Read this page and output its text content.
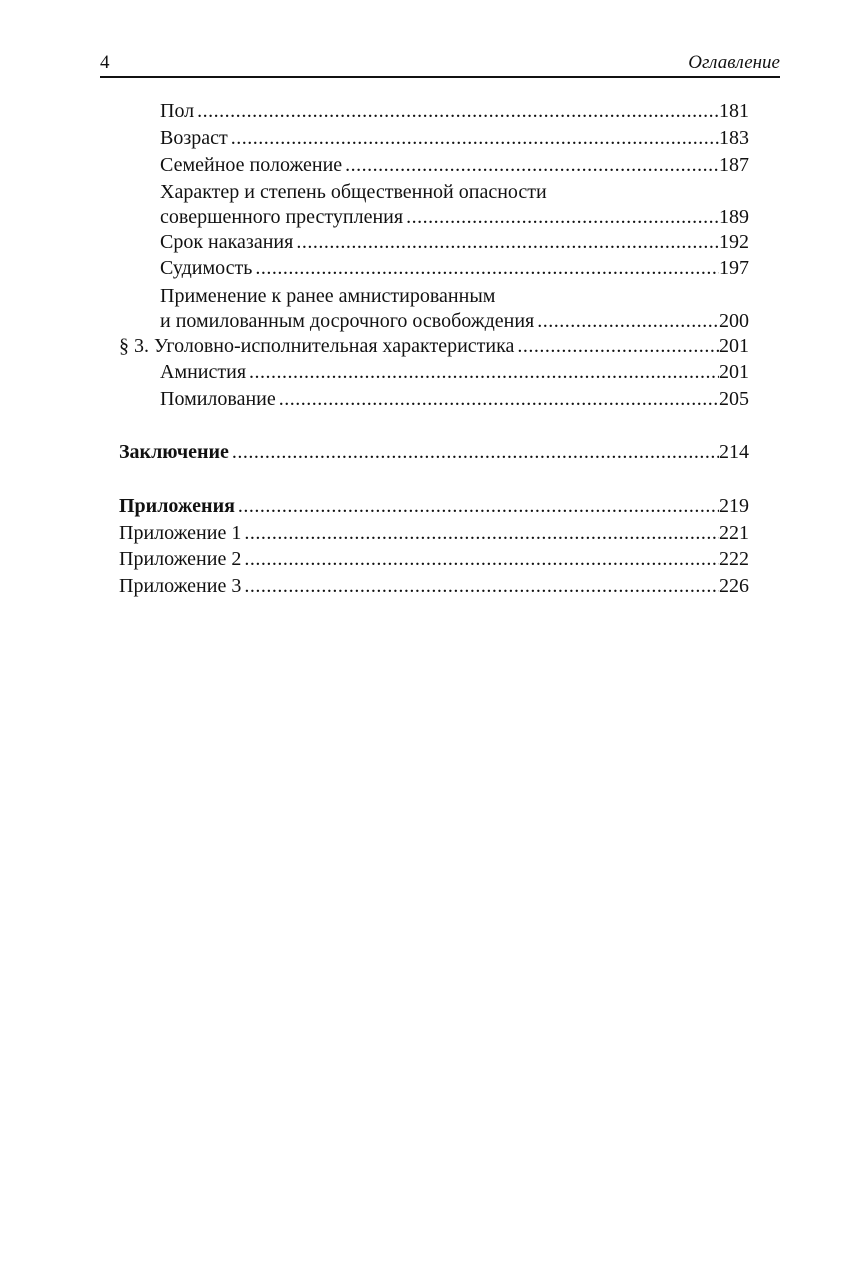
4	Оглавление
Пол .....	181
Возраст .....	183
Семейное положение .....	187
Характер и степень общественной опасности
совершенного преступления .....	189
Срок наказания .....	192
Судимость .....	197
Применение к ранее амнистированным
и помилованным досрочного освобождения .....	200
§ 3. Уголовно-исполнительная характеристика .....	201
Амнистия .....	201
Помилование .....	205
Заключение .....	214
Приложения .....	219
Приложение 1 .....	221
Приложение 2 .....	222
Приложение 3 .....	226
